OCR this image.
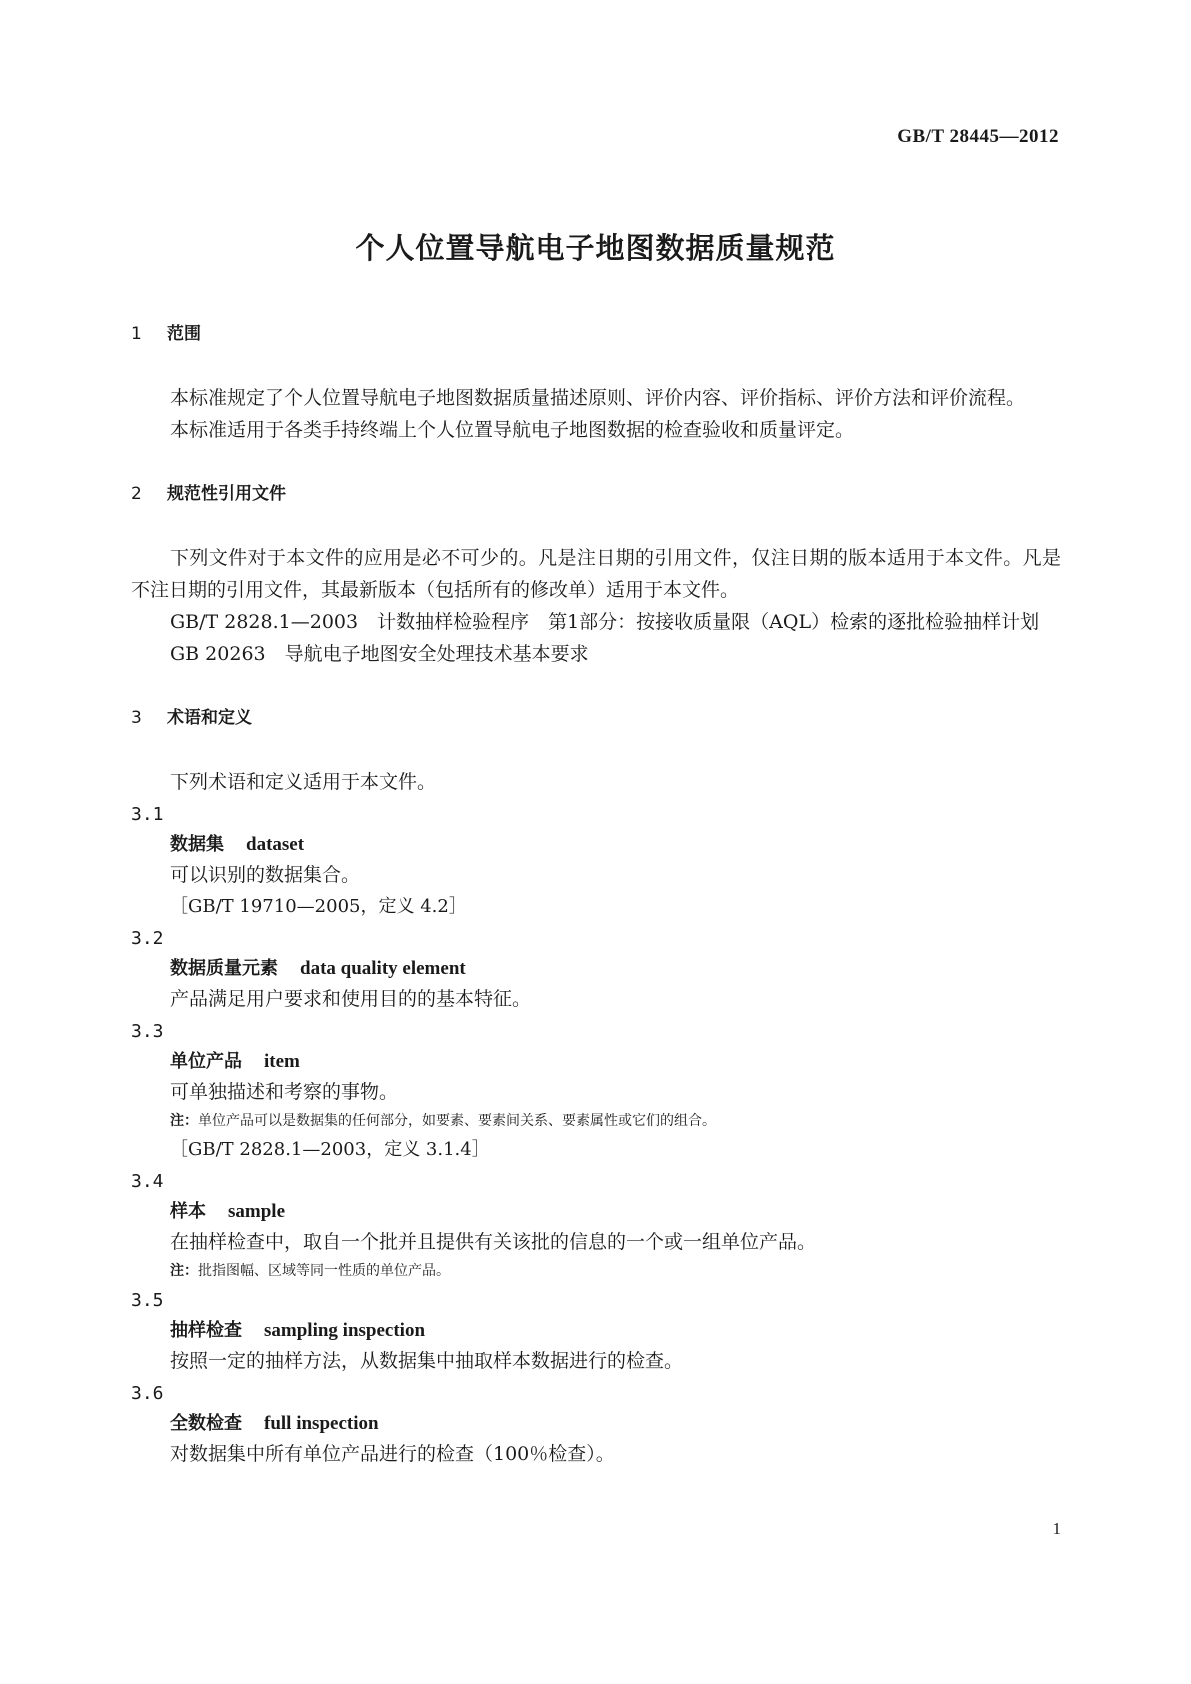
GB/T 28445—2012
个人位置导航电子地图数据质量规范
1 范围

本标准规定了个人位置导航电子地图数据质量描述原则、评价内容、评价指标、评价方法和评价流程。

本标准适用于各类手持终端上个人位置导航电子地图数据的检查验收和质量评定。

2 规范性引用文件

下列文件对于本文件的应用是必不可少的。凡是注日期的引用文件，仅注日期的版本适用于本文件。凡是不注日期的引用文件，其最新版本（包括所有的修改单）适用于本文件。

GB/T 2828.1—2003　计数抽样检验程序　第1部分：按接收质量限（AQL）检索的逐批检验抽样计划

GB 20263　导航电子地图安全处理技术基本要求

3 术语和定义

下列术语和定义适用于本文件。

3.1
数据集 dataset
可以识别的数据集合。
［GB/T 19710—2005，定义 4.2］
3.2
数据质量元素 data quality element
产品满足用户要求和使用目的的基本特征。
3.3
单位产品 item
可单独描述和考察的事物。
注：单位产品可以是数据集的任何部分，如要素、要素间关系、要素属性或它们的组合。
［GB/T 2828.1—2003，定义 3.1.4］
3.4
样本 sample
在抽样检查中，取自一个批并且提供有关该批的信息的一个或一组单位产品。
注：批指图幅、区域等同一性质的单位产品。
3.5
抽样检查 sampling inspection
按照一定的抽样方法，从数据集中抽取样本数据进行的检查。
3.6
全数检查 full inspection
对数据集中所有单位产品进行的检查（100％检查）。
1
